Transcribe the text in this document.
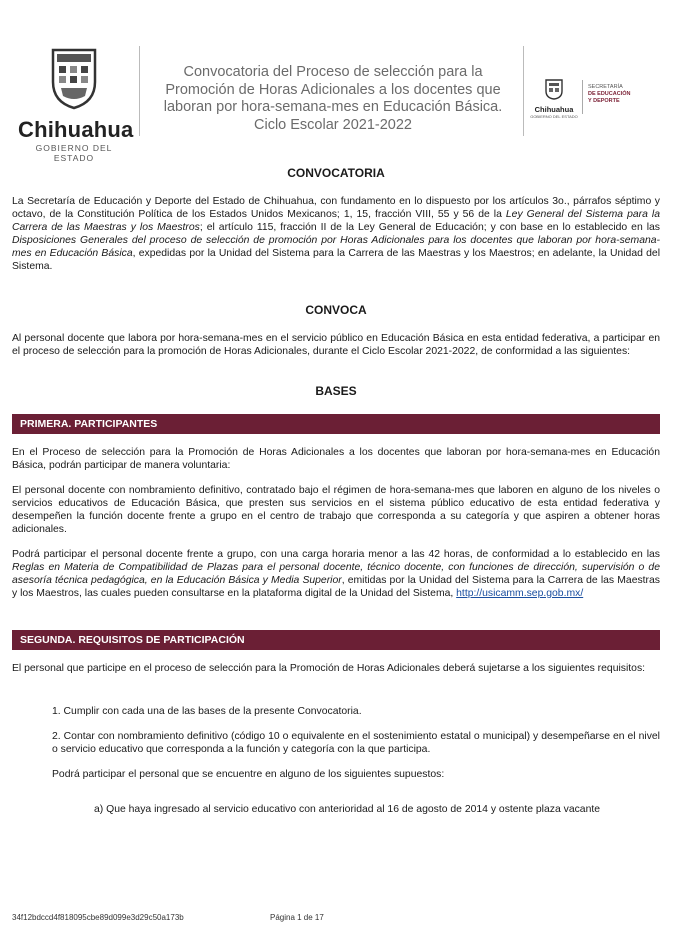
Chihuahua
GOBIERNO DEL ESTADO
Convocatoria del Proceso de selección para la
Promoción de Horas Adicionales a los docentes que
laboran por hora-semana-mes en Educación Básica.
Ciclo Escolar 2021-2022
Chihuahua
GOBIERNO DEL ESTADO
SECRETARÍA
DE EDUCACIÓN
Y DEPORTE
CONVOCATORIA

La Secretaría de Educación y Deporte del Estado de Chihuahua, con fundamento en lo dispuesto por los artículos 3o., párrafos séptimo y octavo, de la Constitución Política de los Estados Unidos Mexicanos; 1, 15, fracción VIII, 55 y 56 de la Ley General del Sistema para la Carrera de las Maestras y los Maestros; el artículo 115, fracción II de la Ley General de Educación; y con base en lo establecido en las Disposiciones Generales del proceso de selección de promoción por Horas Adicionales para los docentes que laboran por hora-semana-mes en Educación Básica, expedidas por la Unidad del Sistema para la Carrera de las Maestras y los Maestros; en adelante, la Unidad del Sistema.

CONVOCA

Al personal docente que labora por hora-semana-mes en el servicio público en Educación Básica en esta entidad federativa, a participar en el proceso de selección para la promoción de Horas Adicionales, durante el Ciclo Escolar 2021-2022, de conformidad a las siguientes:

BASES
PRIMERA. PARTICIPANTES

En el Proceso de selección para la Promoción de Horas Adicionales a los docentes que laboran por hora-semana-mes en Educación Básica, podrán participar de manera voluntaria:

El personal docente con nombramiento definitivo, contratado bajo el régimen de hora-semana-mes que laboren en alguno de los niveles o servicios educativos de Educación Básica, que presten sus servicios en el sistema público educativo de esta entidad federativa y desempeñen la función docente frente a grupo en el centro de trabajo que corresponda a su categoría y que aspiren a obtener horas adicionales.

Podrá participar el personal docente frente a grupo, con una carga horaria menor a las 42 horas, de conformidad a lo establecido en las Reglas en Materia de Compatibilidad de Plazas para el personal docente, técnico docente, con funciones de dirección, supervisión o de asesoría técnica pedagógica, en la Educación Básica y Media Superior, emitidas por la Unidad del Sistema para la Carrera de las Maestras y los Maestros, las cuales pueden consultarse en la plataforma digital de la Unidad del Sistema, http://usicamm.sep.gob.mx/

SEGUNDA. REQUISITOS DE PARTICIPACIÓN

El personal que participe en el proceso de selección para la Promoción de Horas Adicionales deberá sujetarse a los siguientes requisitos:

1. Cumplir con cada una de las bases de la presente Convocatoria.

2. Contar con nombramiento definitivo (código 10 o equivalente en el sostenimiento estatal o municipal) y desempeñarse en el nivel o servicio educativo que corresponda a la función y categoría con la que participa.

Podrá participar el personal que se encuentre en alguno de los siguientes supuestos:

a) Que haya ingresado al servicio educativo con anterioridad al 16 de agosto de 2014 y ostente plaza vacante

34f12bdccd4f818095cbe89d099e3d29c50a173b	Página 1 de 17
